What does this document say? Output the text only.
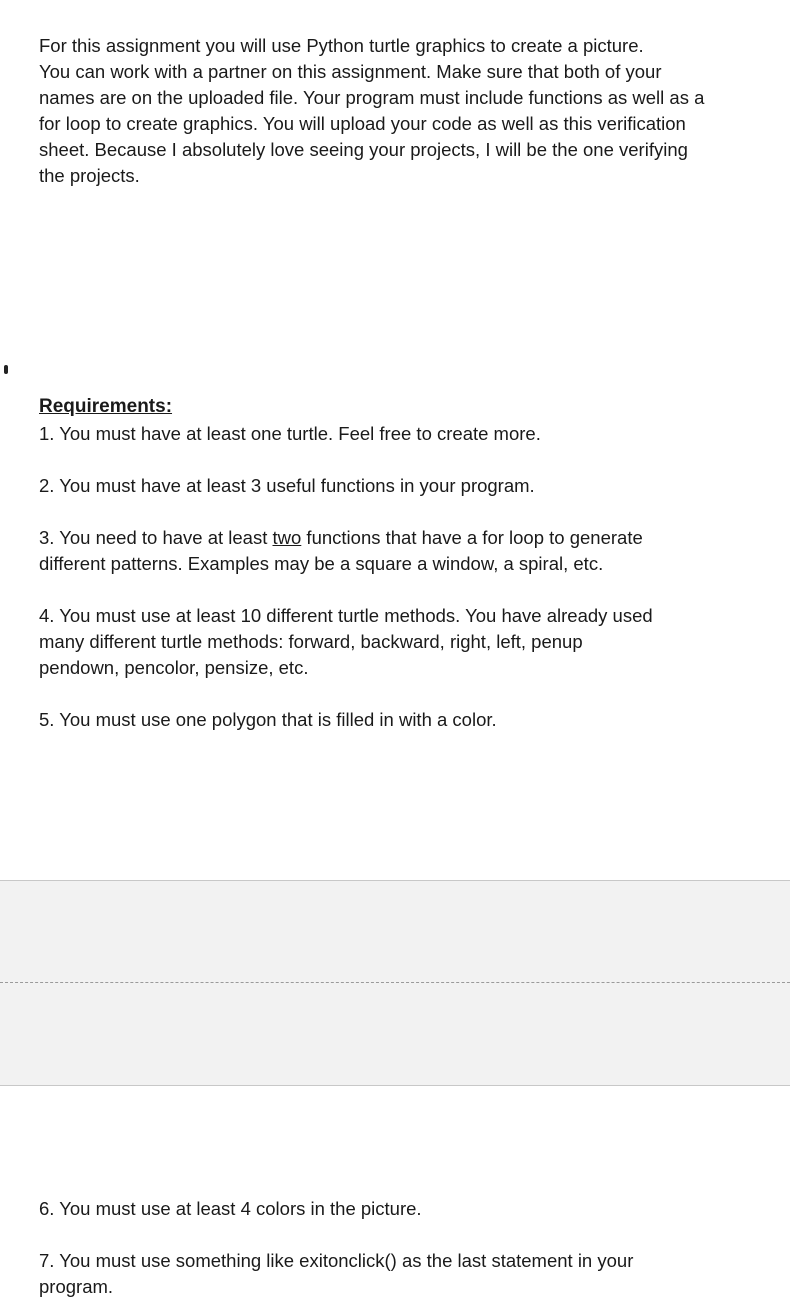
For this assignment you will use Python turtle graphics to create a picture.
You can work with a partner on this assignment. Make sure that both of your
names are on the uploaded file. Your program must include functions as well as a
for loop to create graphics. You will upload your code as well as this verification
sheet. Because I absolutely love seeing your projects, I will be the one verifying
the projects.
Requirements:
1. You must have at least one turtle. Feel free to create more.
2. You must have at least 3 useful functions in your program.
3. You need to have at least two functions that have a for loop to generate
different patterns. Examples may be a square a window, a spiral, etc.
4. You must use at least 10 different turtle methods. You have already used
many different turtle methods: forward, backward, right, left, penup
pendown, pencolor, pensize, etc.
5. You must use one polygon that is filled in with a color.
6. You must use at least 4 colors in the picture.
7. You must use something like exitonclick() as the last statement in your
program.
